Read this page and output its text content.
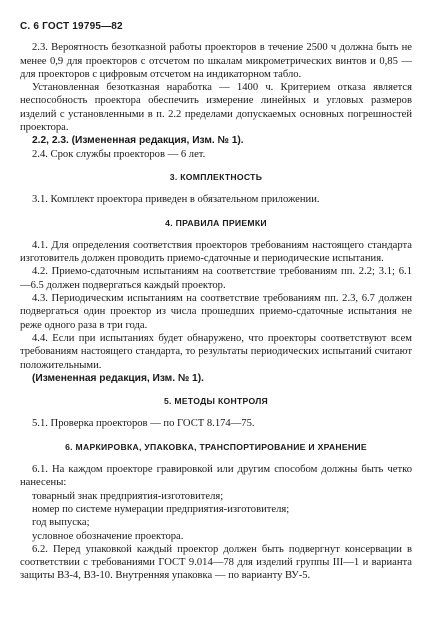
С. 6 ГОСТ 19795—82

2.3. Вероятность безотказной работы проекторов в течение 2500 ч должна быть не менее 0,9 для проекторов с отсчетом по шкалам микрометрических винтов и 0,85 — для проекторов с цифровым отсчетом на индикаторном табло.

Установленная безотказная наработка — 1400 ч. Критерием отказа является неспособность проектора обеспечить измерение линейных и угловых размеров изделий с установленными в п. 2.2 пределами допускаемых основных погрешностей проектора.

2.2, 2.3. (Измененная редакция, Изм. № 1).

2.4. Срок службы проекторов — 6 лет.

3. КОМПЛЕКТНОСТЬ

3.1. Комплект проектора приведен в обязательном приложении.

4. ПРАВИЛА ПРИЕМКИ

4.1. Для определения соответствия проекторов требованиям настоящего стандарта изготовитель должен проводить приемо-сдаточные и периодические испытания.

4.2. Приемо-сдаточным испытаниям на соответствие требованиям пп. 2.2; 3.1; 6.1—6.5 должен подвергаться каждый проектор.

4.3. Периодическим испытаниям на соответствие требованиям пп. 2.3, 6.7 должен подвергаться один проектор из числа прошедших приемо-сдаточные испытания не реже одного раза в три года.

4.4. Если при испытаниях будет обнаружено, что проекторы соответствуют всем требованиям настоящего стандарта, то результаты периодических испытаний считают положительными.

(Измененная редакция, Изм. № 1).

5. МЕТОДЫ КОНТРОЛЯ

5.1. Проверка проекторов — по ГОСТ 8.174—75.

6. МАРКИРОВКА, УПАКОВКА, ТРАНСПОРТИРОВАНИЕ И ХРАНЕНИЕ

6.1. На каждом проекторе гравировкой или другим способом должны быть четко нанесены:

товарный знак предприятия-изготовителя;

номер по системе нумерации предприятия-изготовителя;

год выпуска;

условное обозначение проектора.

6.2. Перед упаковкой каждый проектор должен быть подвергнут консервации в соответствии с требованиями ГОСТ 9.014—78 для изделий группы III—1 и варианта защиты ВЗ-4, ВЗ-10. Внутренняя упаковка — по варианту ВУ-5.
